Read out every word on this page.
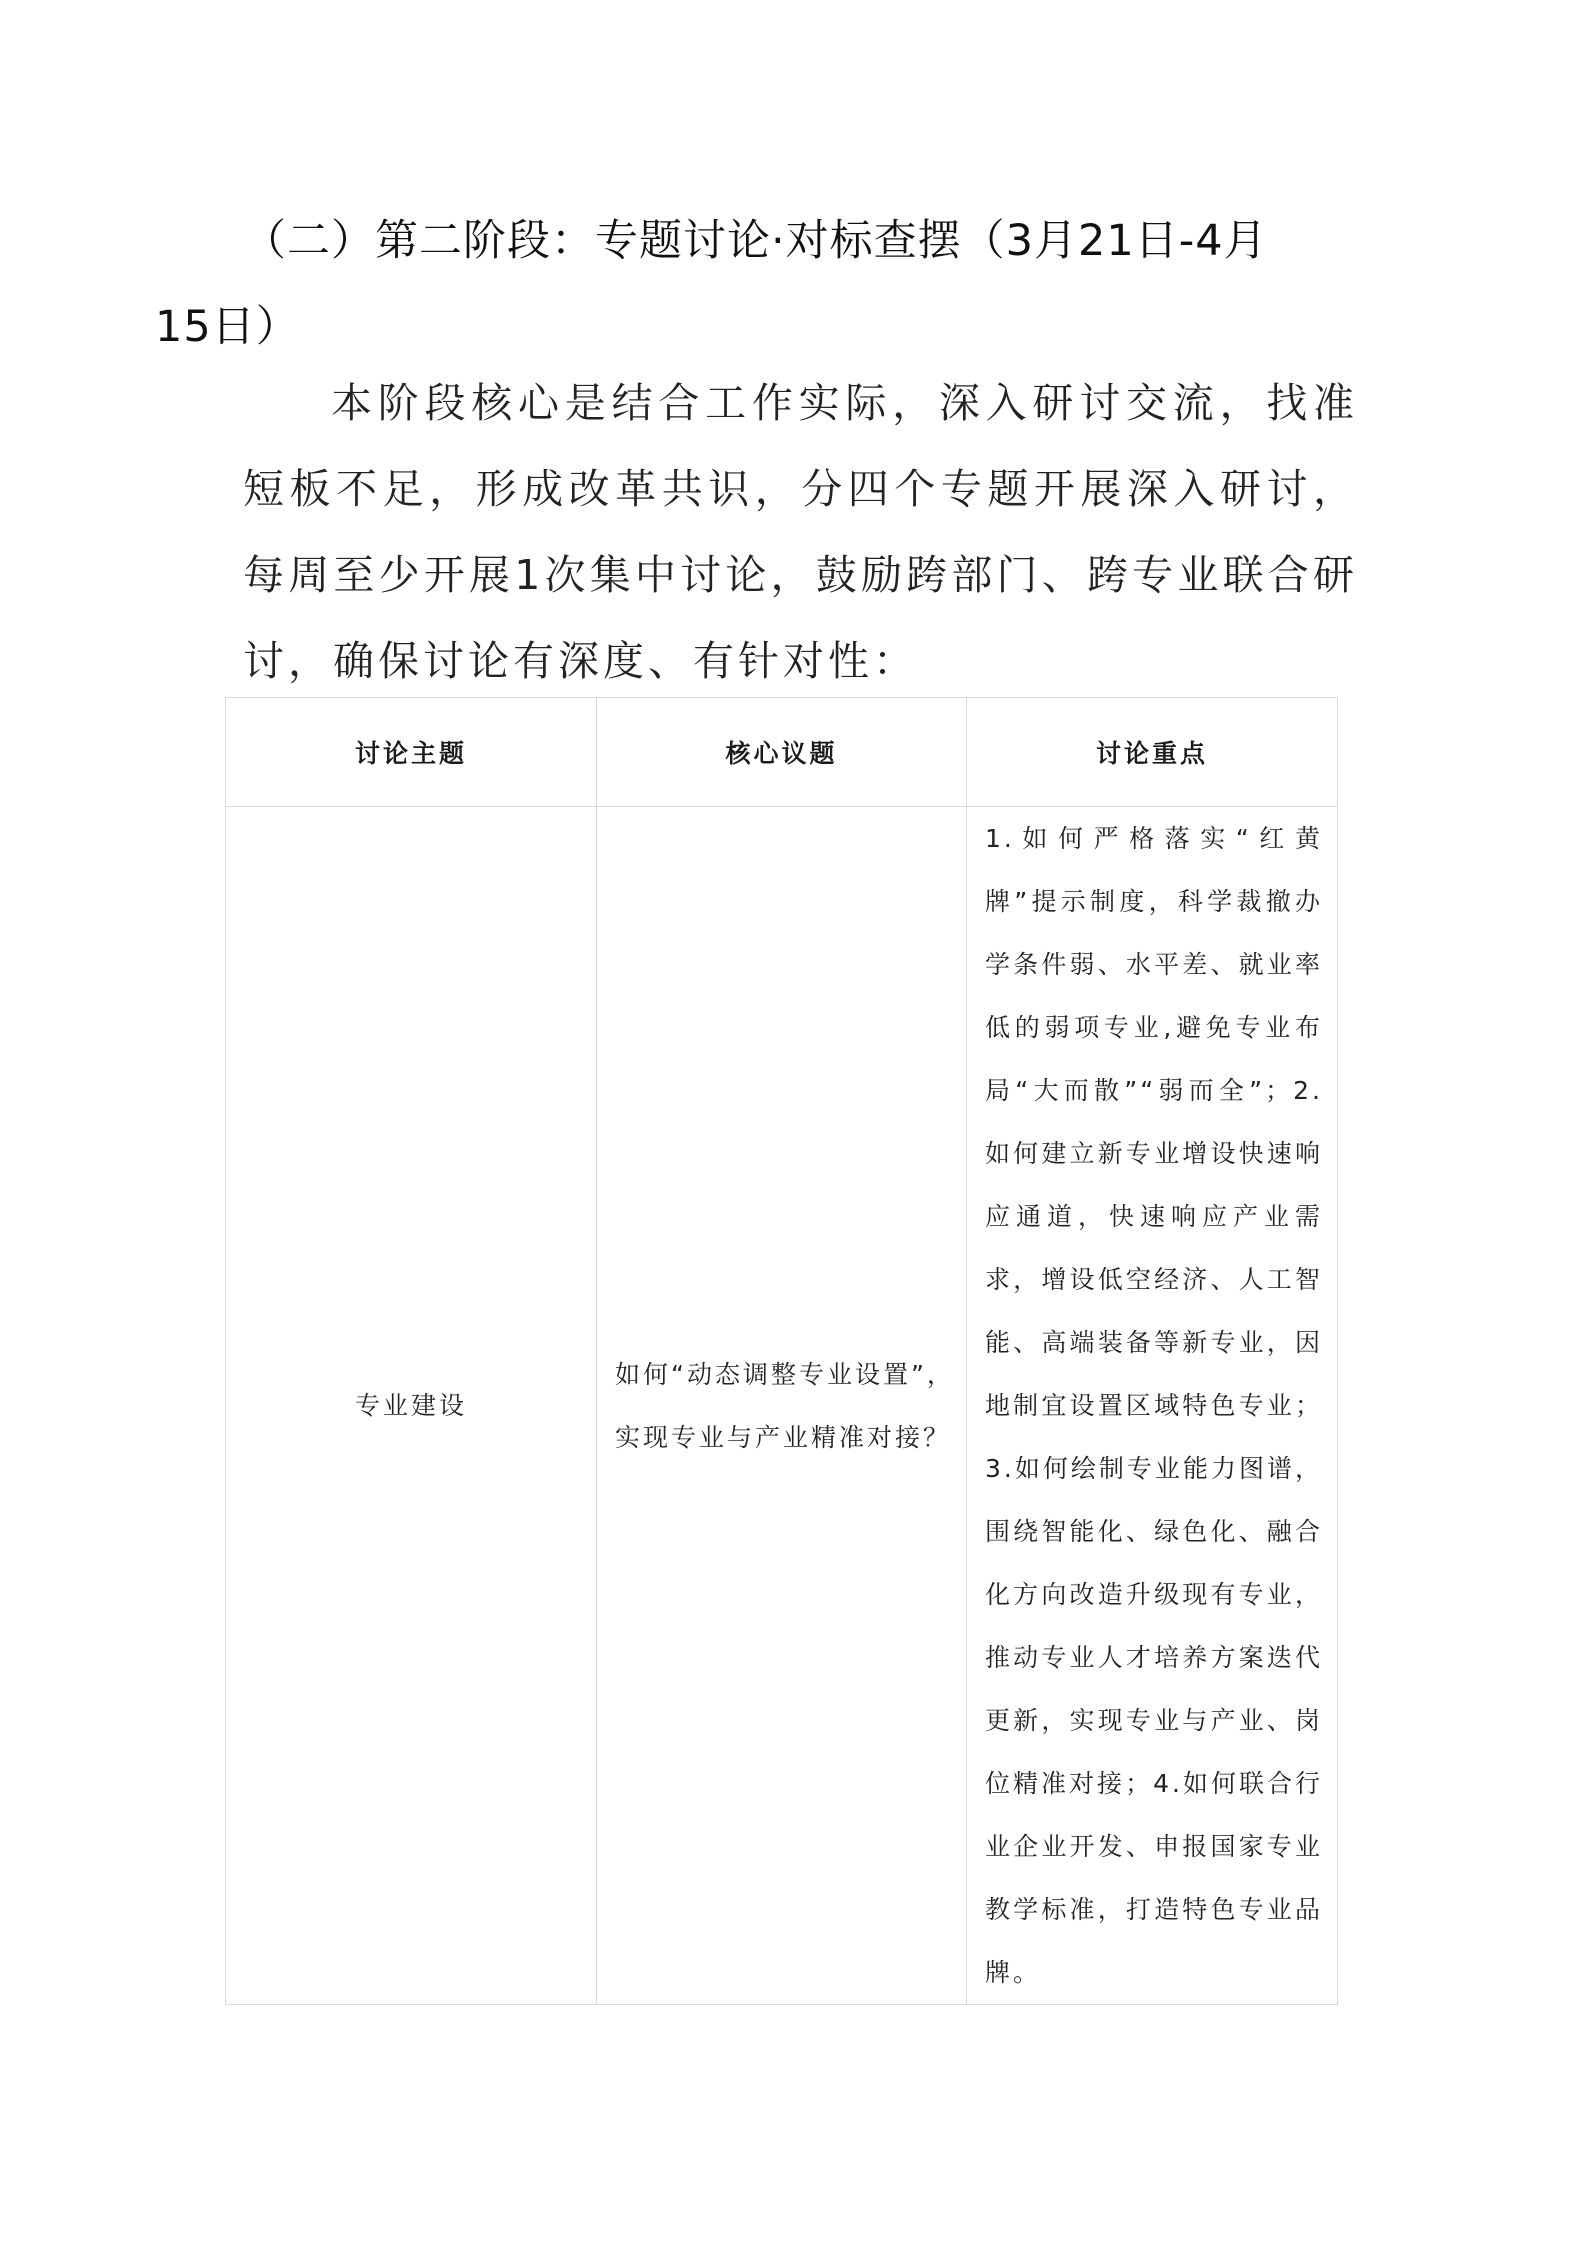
（二）第二阶段：专题讨论·对标查摆（3月21日-4月15日）
本阶段核心是结合工作实际，深入研讨交流，找准短板不足，形成改革共识，分四个专题开展深入研讨，每周至少开展1次集中讨论，鼓励跨部门、跨专业联合研讨，确保讨论有深度、有针对性：
讨论主题	核心议题	讨论重点
专业建设	如何“动态调整专业设置”，实现专业与产业精准对接？	1.如何严格落实“红黄牌”提示制度，科学裁撤办学条件弱、水平差、就业率低的弱项专业,避免专业布局“大而散”“弱而全”；2.如何建立新专业增设快速响应通道，快速响应产业需求，增设低空经济、人工智能、高端装备等新专业，因地制宜设置区域特色专业；3.如何绘制专业能力图谱，围绕智能化、绿色化、融合化方向改造升级现有专业，推动专业人才培养方案迭代更新，实现专业与产业、岗位精准对接；4.如何联合行业企业开发、申报国家专业教学标准，打造特色专业品牌。
